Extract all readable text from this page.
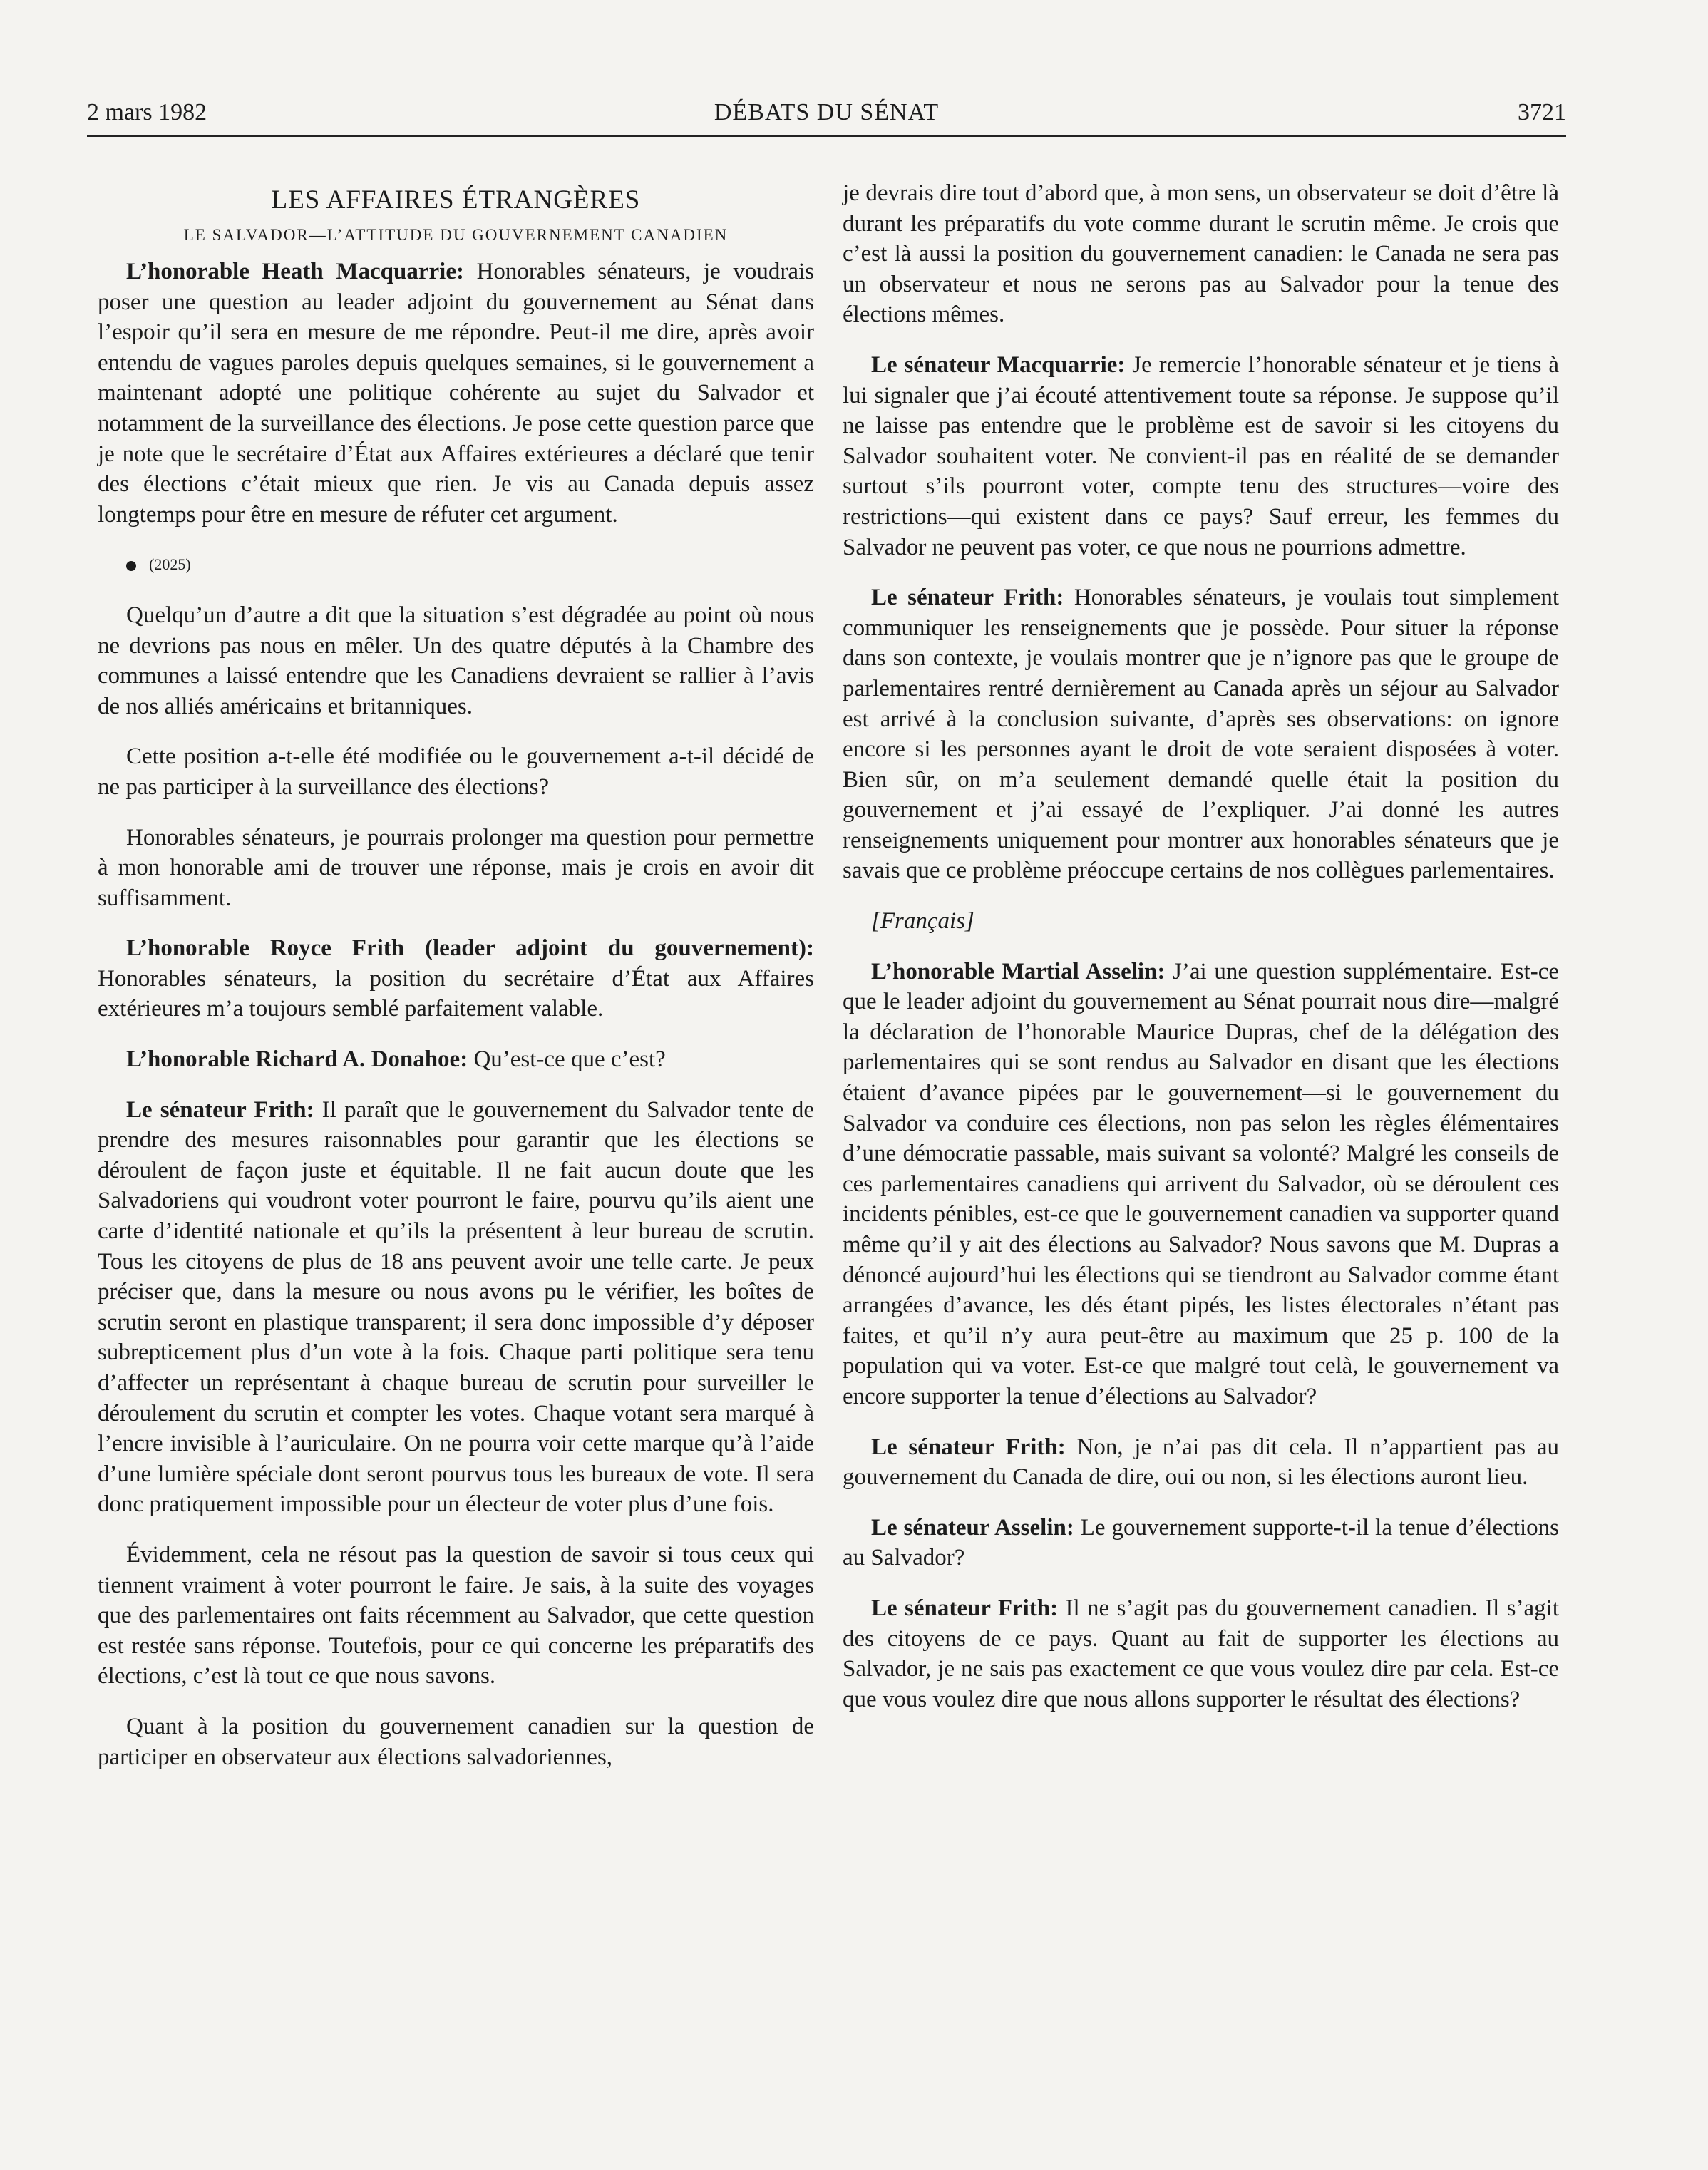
2 mars 1982	DÉBATS DU SÉNAT	3721
LES AFFAIRES ÉTRANGÈRES
LE SALVADOR—L’ATTITUDE DU GOUVERNEMENT CANADIEN

L’honorable Heath Macquarrie: Honorables sénateurs, je voudrais poser une question au leader adjoint du gouvernement au Sénat dans l’espoir qu’il sera en mesure de me répondre. Peut-il me dire, après avoir entendu de vagues paroles depuis quelques semaines, si le gouvernement a maintenant adopté une politique cohérente au sujet du Salvador et notamment de la surveillance des élections. Je pose cette question parce que je note que le secrétaire d’État aux Affaires extérieures a déclaré que tenir des élections c’était mieux que rien. Je vis au Canada depuis assez longtemps pour être en mesure de réfuter cet argument.

(2025)

Quelqu’un d’autre a dit que la situation s’est dégradée au point où nous ne devrions pas nous en mêler. Un des quatre députés à la Chambre des communes a laissé entendre que les Canadiens devraient se rallier à l’avis de nos alliés américains et britanniques.

Cette position a-t-elle été modifiée ou le gouvernement a-t-il décidé de ne pas participer à la surveillance des élections?

Honorables sénateurs, je pourrais prolonger ma question pour permettre à mon honorable ami de trouver une réponse, mais je crois en avoir dit suffisamment.

L’honorable Royce Frith (leader adjoint du gouvernement): Honorables sénateurs, la position du secrétaire d’État aux Affaires extérieures m’a toujours semblé parfaitement valable.

L’honorable Richard A. Donahoe: Qu’est-ce que c’est?

Le sénateur Frith: Il paraît que le gouvernement du Salvador tente de prendre des mesures raisonnables pour garantir que les élections se déroulent de façon juste et équitable. Il ne fait aucun doute que les Salvadoriens qui voudront voter pourront le faire, pourvu qu’ils aient une carte d’identité nationale et qu’ils la présentent à leur bureau de scrutin. Tous les citoyens de plus de 18 ans peuvent avoir une telle carte. Je peux préciser que, dans la mesure ou nous avons pu le vérifier, les boîtes de scrutin seront en plastique transparent; il sera donc impossible d’y déposer subrepticement plus d’un vote à la fois. Chaque parti politique sera tenu d’affecter un représentant à chaque bureau de scrutin pour surveiller le déroulement du scrutin et compter les votes. Chaque votant sera marqué à l’encre invisible à l’auriculaire. On ne pourra voir cette marque qu’à l’aide d’une lumière spéciale dont seront pourvus tous les bureaux de vote. Il sera donc pratiquement impossible pour un électeur de voter plus d’une fois.

Évidemment, cela ne résout pas la question de savoir si tous ceux qui tiennent vraiment à voter pourront le faire. Je sais, à la suite des voyages que des parlementaires ont faits récemment au Salvador, que cette question est restée sans réponse. Toutefois, pour ce qui concerne les préparatifs des élections, c’est là tout ce que nous savons.

Quant à la position du gouvernement canadien sur la question de participer en observateur aux élections salvadoriennes,

je devrais dire tout d’abord que, à mon sens, un observateur se doit d’être là durant les préparatifs du vote comme durant le scrutin même. Je crois que c’est là aussi la position du gouvernement canadien: le Canada ne sera pas un observateur et nous ne serons pas au Salvador pour la tenue des élections mêmes.

Le sénateur Macquarrie: Je remercie l’honorable sénateur et je tiens à lui signaler que j’ai écouté attentivement toute sa réponse. Je suppose qu’il ne laisse pas entendre que le problème est de savoir si les citoyens du Salvador souhaitent voter. Ne convient-il pas en réalité de se demander surtout s’ils pourront voter, compte tenu des structures—voire des restrictions—qui existent dans ce pays? Sauf erreur, les femmes du Salvador ne peuvent pas voter, ce que nous ne pourrions admettre.

Le sénateur Frith: Honorables sénateurs, je voulais tout simplement communiquer les renseignements que je possède. Pour situer la réponse dans son contexte, je voulais montrer que je n’ignore pas que le groupe de parlementaires rentré dernièrement au Canada après un séjour au Salvador est arrivé à la conclusion suivante, d’après ses observations: on ignore encore si les personnes ayant le droit de vote seraient disposées à voter. Bien sûr, on m’a seulement demandé quelle était la position du gouvernement et j’ai essayé de l’expliquer. J’ai donné les autres renseignements uniquement pour montrer aux honorables sénateurs que je savais que ce problème préoccupe certains de nos collègues parlementaires.

[Français]

L’honorable Martial Asselin: J’ai une question supplémentaire. Est-ce que le leader adjoint du gouvernement au Sénat pourrait nous dire—malgré la déclaration de l’honorable Maurice Dupras, chef de la délégation des parlementaires qui se sont rendus au Salvador en disant que les élections étaient d’avance pipées par le gouvernement—si le gouvernement du Salvador va conduire ces élections, non pas selon les règles élémentaires d’une démocratie passable, mais suivant sa volonté? Malgré les conseils de ces parlementaires canadiens qui arrivent du Salvador, où se déroulent ces incidents pénibles, est-ce que le gouvernement canadien va supporter quand même qu’il y ait des élections au Salvador? Nous savons que M. Dupras a dénoncé aujourd’hui les élections qui se tiendront au Salvador comme étant arrangées d’avance, les dés étant pipés, les listes électorales n’étant pas faites, et qu’il n’y aura peut-être au maximum que 25 p. 100 de la population qui va voter. Est-ce que malgré tout celà, le gouvernement va encore supporter la tenue d’élections au Salvador?

Le sénateur Frith: Non, je n’ai pas dit cela. Il n’appartient pas au gouvernement du Canada de dire, oui ou non, si les élections auront lieu.

Le sénateur Asselin: Le gouvernement supporte-t-il la tenue d’élections au Salvador?

Le sénateur Frith: Il ne s’agit pas du gouvernement canadien. Il s’agit des citoyens de ce pays. Quant au fait de supporter les élections au Salvador, je ne sais pas exactement ce que vous voulez dire par cela. Est-ce que vous voulez dire que nous allons supporter le résultat des élections?
